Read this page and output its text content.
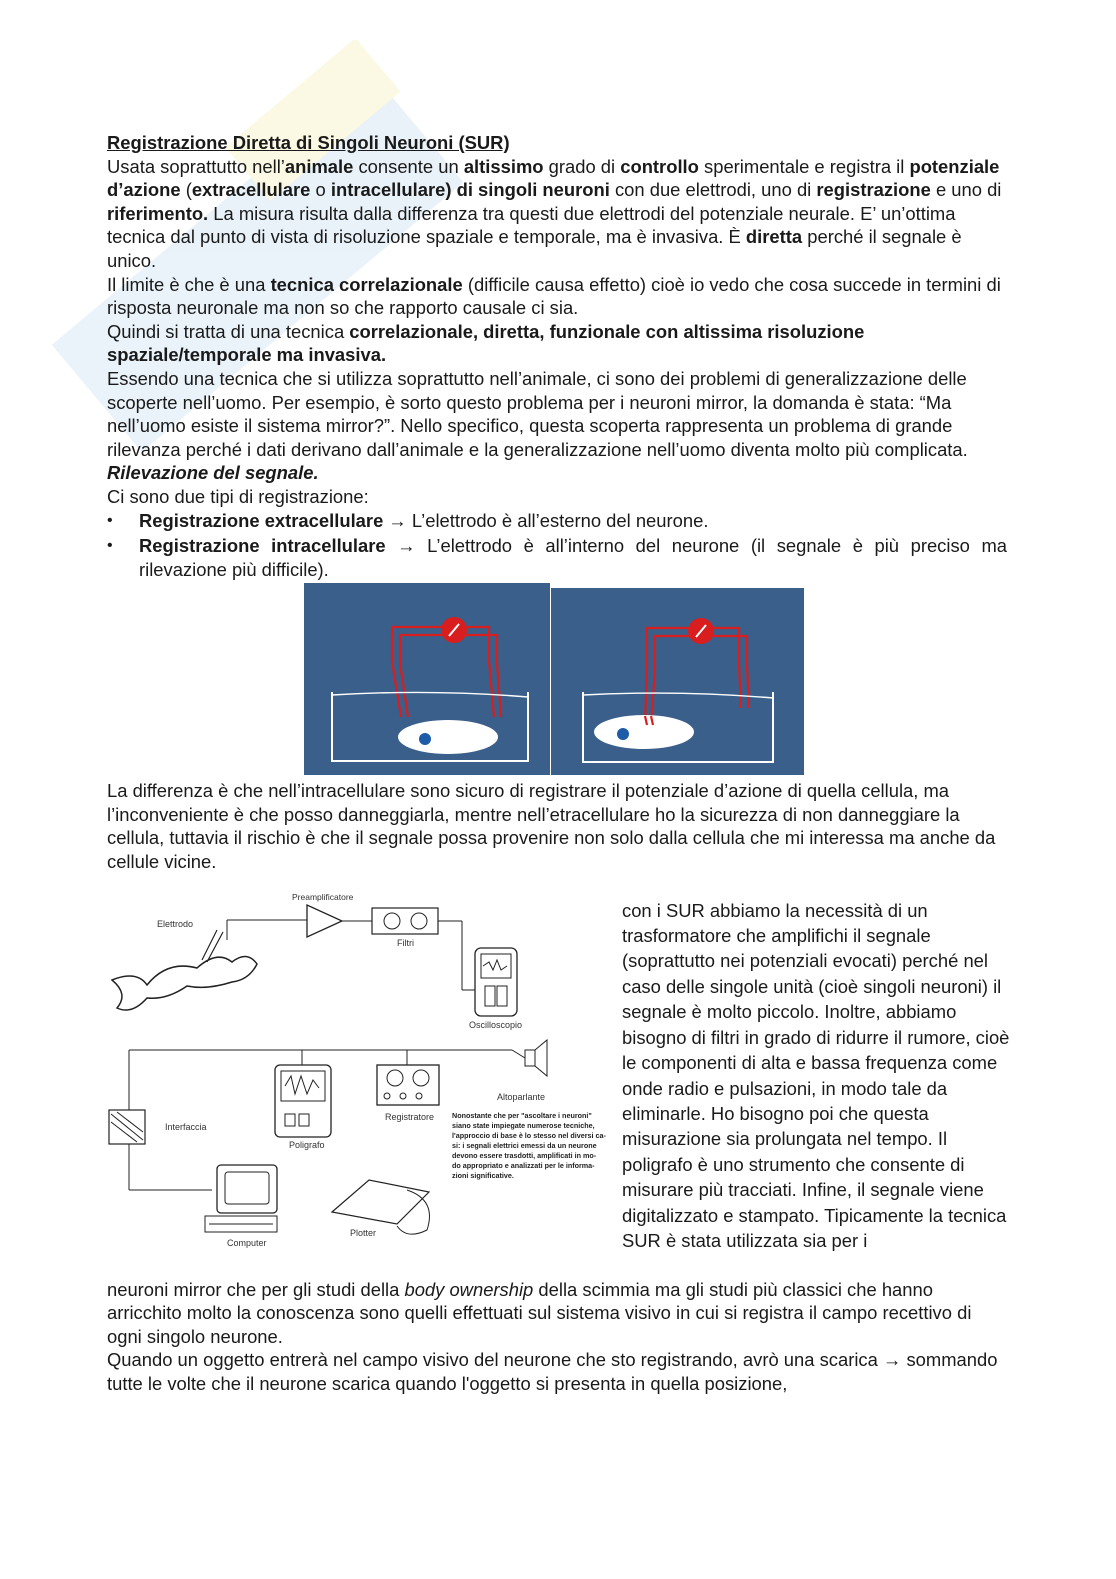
Registrazione Diretta di Singoli Neuroni (SUR)

Usata soprattutto nell’animale consente un altissimo grado di controllo sperimentale e registra il potenziale d’azione (extracellulare o intracellulare) di singoli neuroni con due elettrodi, uno di registrazione e uno di riferimento. La misura risulta dalla differenza tra questi due elettrodi del potenziale neurale. E’ un’ottima tecnica dal punto di vista di risoluzione spaziale e temporale, ma è invasiva. È diretta perché il segnale è unico.

Il limite è che è una tecnica correlazionale (difficile causa effetto) cioè io vedo che cosa succede in termini di risposta neuronale ma non so che rapporto causale ci sia.

Quindi si tratta di una tecnica correlazionale, diretta, funzionale con altissima risoluzione spaziale/temporale ma invasiva.

Essendo una tecnica che si utilizza soprattutto nell’animale, ci sono dei problemi di generalizzazione delle scoperte nell’uomo. Per esempio, è sorto questo problema per i neuroni mirror, la domanda è stata: “Ma nell’uomo esiste il sistema mirror?”. Nello specifico, questa scoperta rappresenta un problema di grande rilevanza perché i dati derivano dall’animale e la generalizzazione nell’uomo diventa molto più complicata.

Rilevazione del segnale.

Ci sono due tipi di registrazione:

• Registrazione extracellulare → L’elettrodo è all’esterno del neurone.
• Registrazione intracellulare → L’elettrodo è all’interno del neurone (il segnale è più preciso ma rilevazione più difficile).

La differenza è che nell’intracellulare sono sicuro di registrare il potenziale d’azione di quella cellula, ma l’inconveniente è che posso danneggiarla, mentre nell’etracellulare ho la sicurezza di non danneggiare la cellula, tuttavia il rischio è che il segnale possa provenire non solo dalla cellula che mi interessa ma anche da cellule vicine.

Elettrodo
Preamplificatore
Filtri
Oscilloscopio
Altoparlante
Poligrafo
Registratore
Interfaccia
Computer
Plotter
Nonostante che per "ascoltare i neuroni"
siano state impiegate numerose tecniche,
l'approccio di base è lo stesso nel diversi ca-
si: i segnali elettrici emessi da un neurone
devono essere trasdotti, amplificati in mo-
do appropriato e analizzati per le informa-
zioni significative.

con i SUR abbiamo la necessità di un trasformatore che amplifichi il segnale (soprattutto nei potenziali evocati) perché nel caso delle singole unità (cioè singoli neuroni) il segnale è molto piccolo. Inoltre, abbiamo bisogno di filtri in grado di ridurre il rumore, cioè le componenti di alta e bassa frequenza come onde radio e pulsazioni, in modo tale da eliminarle. Ho bisogno poi che questa misurazione sia prolungata nel tempo. Il poligrafo è uno strumento che consente di misurare più tracciati. Infine, il segnale viene digitalizzato e stampato. Tipicamente la tecnica SUR è stata utilizzata sia per i

neuroni mirror che per gli studi della body ownership della scimmia ma gli studi più classici che hanno arricchito molto la conoscenza sono quelli effettuati sul sistema visivo in cui si registra il campo recettivo di ogni singolo neurone.

Quando un oggetto entrerà nel campo visivo del neurone che sto registrando, avrò una scarica → sommando tutte le volte che il neurone scarica quando l'oggetto si presenta in quella posizione,
